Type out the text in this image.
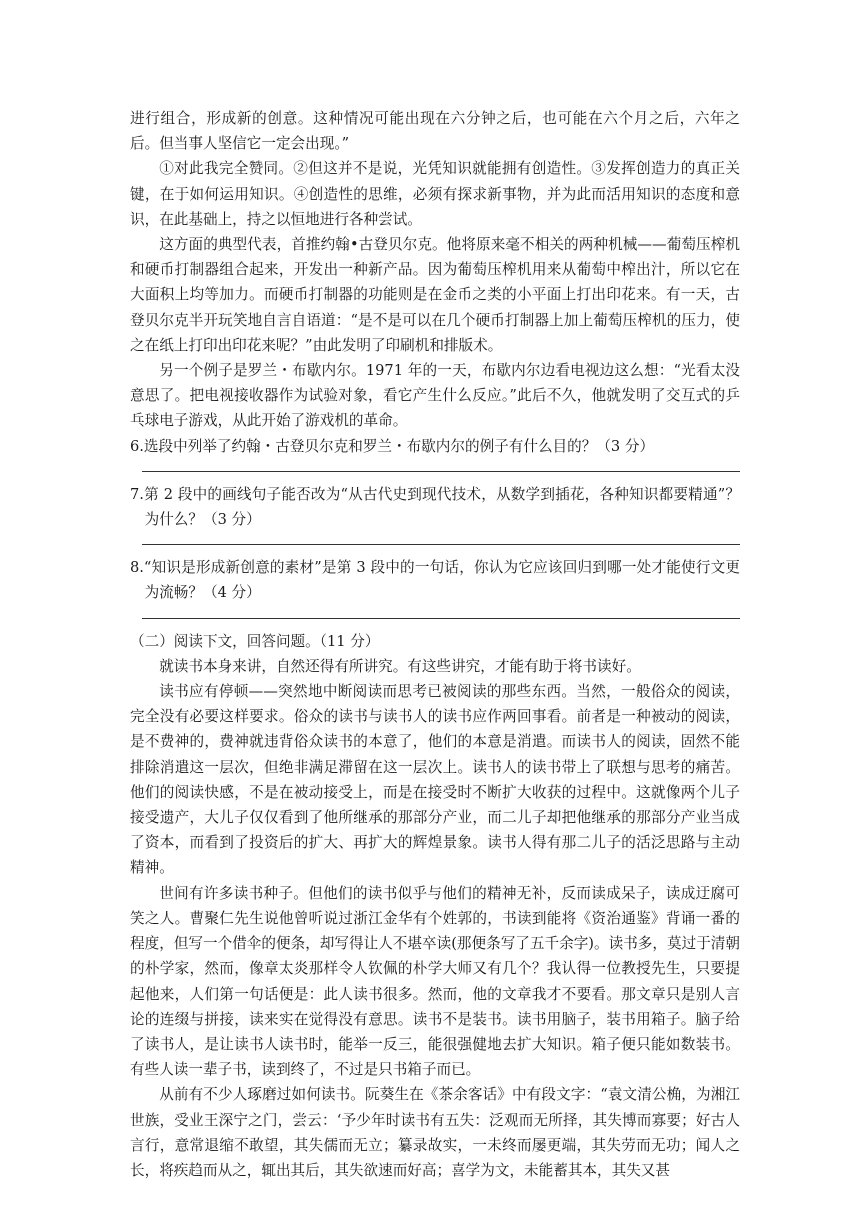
进行组合，形成新的创意。这种情况可能出现在六分钟之后，也可能在六个月之后，六年之后。但当事人坚信它一定会出现。”

①对此我完全赞同。②但这并不是说，光凭知识就能拥有创造性。③发挥创造力的真正关键，在于如何运用知识。④创造性的思维，必须有探求新事物，并为此而活用知识的态度和意识，在此基础上，持之以恒地进行各种尝试。

这方面的典型代表，首推约翰•古登贝尔克。他将原来毫不相关的两种机械——葡萄压榨机和硬币打制器组合起来，开发出一种新产品。因为葡萄压榨机用来从葡萄中榨出汁，所以它在大面积上均等加力。而硬币打制器的功能则是在金币之类的小平面上打出印花来。有一天，古登贝尔克半开玩笑地自言自语道：“是不是可以在几个硬币打制器上加上葡萄压榨机的压力，使之在纸上打印出印花来呢？”由此发明了印刷机和排版术。

另一个例子是罗兰・布歇内尔。1971 年的一天，布歇内尔边看电视边这么想：“光看太没意思了。把电视接收器作为试验对象，看它产生什么反应。”此后不久，他就发明了交互式的乒乓球电子游戏，从此开始了游戏机的革命。

6.选段中列举了约翰・古登贝尔克和罗兰・布歇内尔的例子有什么目的？（3 分）

7.第 2 段中的画线句子能否改为“从古代史到现代技术，从数学到插花，各种知识都要精通”？为什么？（3 分）

8.“知识是形成新创意的素材”是第 3 段中的一句话，你认为它应该回归到哪一处才能使行文更为流畅？（4 分）

（二）阅读下文，回答问题。（11 分）

就读书本身来讲，自然还得有所讲究。有这些讲究，才能有助于将书读好。

读书应有停顿——突然地中断阅读而思考已被阅读的那些东西。当然，一般俗众的阅读，完全没有必要这样要求。俗众的读书与读书人的读书应作两回事看。前者是一种被动的阅读，是不费神的，费神就违背俗众读书的本意了，他们的本意是消遣。而读书人的阅读，固然不能排除消遣这一层次，但绝非满足滞留在这一层次上。读书人的读书带上了联想与思考的痛苦。他们的阅读快感，不是在被动接受上，而是在接受时不断扩大收获的过程中。这就像两个儿子接受遗产，大儿子仅仅看到了他所继承的那部分产业，而二儿子却把他继承的那部分产业当成了资本，而看到了投资后的扩大、再扩大的辉煌景象。读书人得有那二儿子的活泛思路与主动精神。

世间有许多读书种子。但他们的读书似乎与他们的精神无补，反而读成呆子，读成迂腐可笑之人。曹聚仁先生说他曾听说过浙江金华有个姓郭的，书读到能将《资治通鉴》背诵一番的程度，但写一个借伞的便条，却写得让人不堪卒读(那便条写了五千余字)。读书多，莫过于清朝的朴学家，然而，像章太炎那样令人钦佩的朴学大师又有几个？我认得一位教授先生，只要提起他来，人们第一句话便是：此人读书很多。然而，他的文章我才不要看。那文章只是别人言论的连缀与拼接，读来实在觉得没有意思。读书不是装书。读书用脑子，装书用箱子。脑子给了读书人，是让读书人读书时，能举一反三，能很强健地去扩大知识。箱子便只能如数装书。有些人读一辈子书，读到终了，不过是只书箱子而已。

从前有不少人琢磨过如何读书。阮葵生在《茶余客话》中有段文字：“袁文清公桷，为湘江世族，受业王深宁之门，尝云：‘予少年时读书有五失：泛观而无所择，其失博而寡要；好古人言行，意常退缩不敢望，其失儒而无立；纂录故实，一未终而屡更端，其失劳而无功；闻人之长，将疾趋而从之，辄出其后，其失欲速而好高；喜学为文，未能蓄其本，其失又甚
